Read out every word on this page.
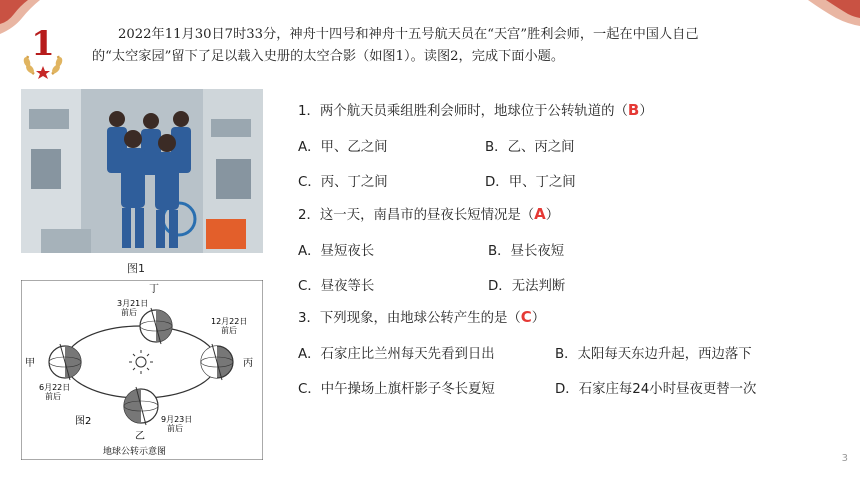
1	2022年11月30日7时33分，神舟十四号和神舟十五号航天员在“天宫”胜利会师，一起在中国人自己
的“太空家园”留下了足以载入史册的太空合影（如图1）。读图2，完成下面小题。
图1
丁
3月21日
前后
12月22日
前后
丙
甲
6月22日
前后
图2	9月23日
前后
乙
地球公转示意图
1．两个航天员乘组胜利会师时，地球位于公转轨道的（B）
A．甲、乙之间	B．乙、丙之间
C．丙、丁之间	D．甲、丁之间
2．这一天，南昌市的昼夜长短情况是（A）
A．昼短夜长	B．昼长夜短
C．昼夜等长	D．无法判断
3．下列现象，由地球公转产生的是（C）
A．石家庄比兰州每天先看到日出	B．太阳每天东边升起，西边落下
C．中午操场上旗杆影子冬长夏短	D．石家庄每24小时昼夜更替一次
3
